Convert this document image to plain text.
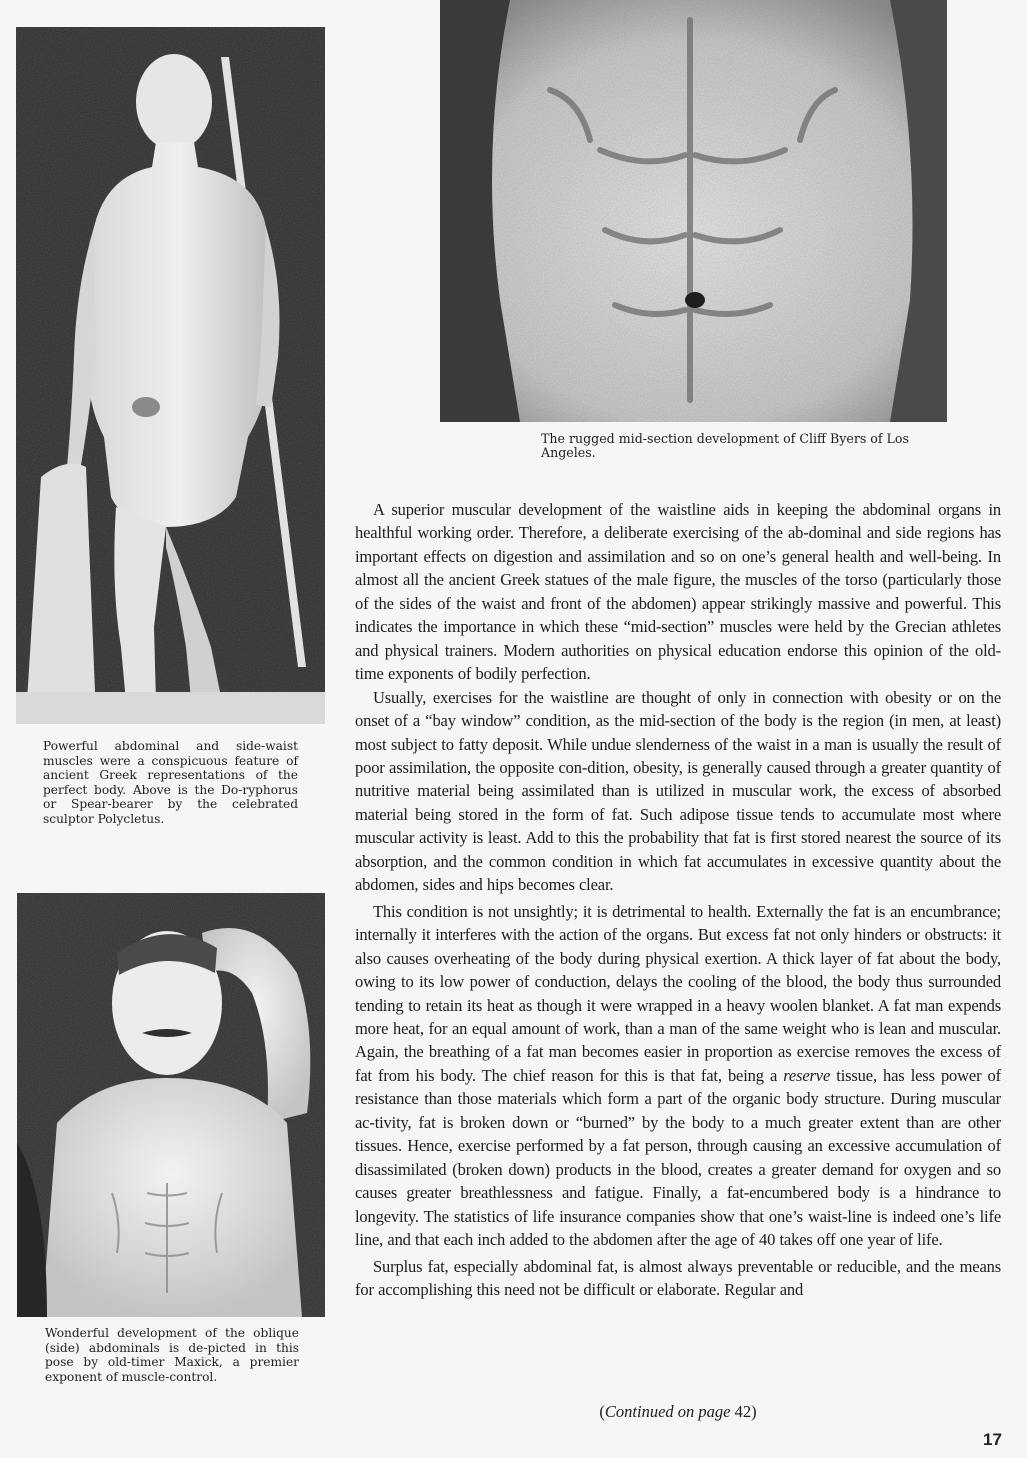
Powerful abdominal and side-waist muscles were a conspicuous feature of ancient Greek representations of the perfect body. Above is the Do-ryphorus or Spear-bearer by the celebrated sculptor Polycletus.
Wonderful development of the oblique (side) abdominals is de-picted in this pose by old-timer Maxick, a premier exponent of muscle-control.
The rugged mid-section development of Cliff Byers of Los Angeles.

A superior muscular development of the waistline aids in keeping the abdominal organs in healthful working order. Therefore, a deliberate exercising of the ab-dominal and side regions has important effects on digestion and assimilation and so on one’s general health and well-being. In almost all the ancient Greek statues of the male figure, the muscles of the torso (particularly those of the sides of the waist and front of the abdomen) appear strikingly massive and powerful. This indicates the importance in which these “mid-section” muscles were held by the Grecian athletes and physical trainers. Modern authorities on physical education endorse this opinion of the old-time exponents of bodily perfection.

Usually, exercises for the waistline are thought of only in connection with obesity or on the onset of a “bay window” condition, as the mid-section of the body is the region (in men, at least) most subject to fatty deposit. While undue slenderness of the waist in a man is usually the result of poor assimilation, the opposite con-dition, obesity, is generally caused through a greater quantity of nutritive material being assimilated than is utilized in muscular work, the excess of absorbed material being stored in the form of fat. Such adipose tissue tends to accumulate most where muscular activity is least. Add to this the probability that fat is first stored nearest the source of its absorption, and the common condition in which fat accumulates in excessive quantity about the abdomen, sides and hips becomes clear.

This condition is not unsightly; it is detrimental to health. Externally the fat is an encumbrance; internally it interferes with the action of the organs. But excess fat not only hinders or obstructs: it also causes overheating of the body during physical exertion. A thick layer of fat about the body, owing to its low power of conduction, delays the cooling of the blood, the body thus surrounded tending to retain its heat as though it were wrapped in a heavy woolen blanket. A fat man expends more heat, for an equal amount of work, than a man of the same weight who is lean and muscular. Again, the breathing of a fat man becomes easier in proportion as exercise removes the excess of fat from his body. The chief reason for this is that fat, being a reserve tissue, has less power of resistance than those materials which form a part of the organic body structure. During muscular ac-tivity, fat is broken down or “burned” by the body to a much greater extent than are other tissues. Hence, exercise performed by a fat person, through causing an excessive accumulation of disassimilated (broken down) products in the blood, creates a greater demand for oxygen and so causes greater breathlessness and fatigue. Finally, a fat-encumbered body is a hindrance to longevity. The statistics of life insurance companies show that one’s waist-line is indeed one’s life line, and that each inch added to the abdomen after the age of 40 takes off one year of life.

Surplus fat, especially abdominal fat, is almost always preventable or reducible, and the means for accomplishing this need not be difficult or elaborate. Regular and

(Continued on page 42)
17
